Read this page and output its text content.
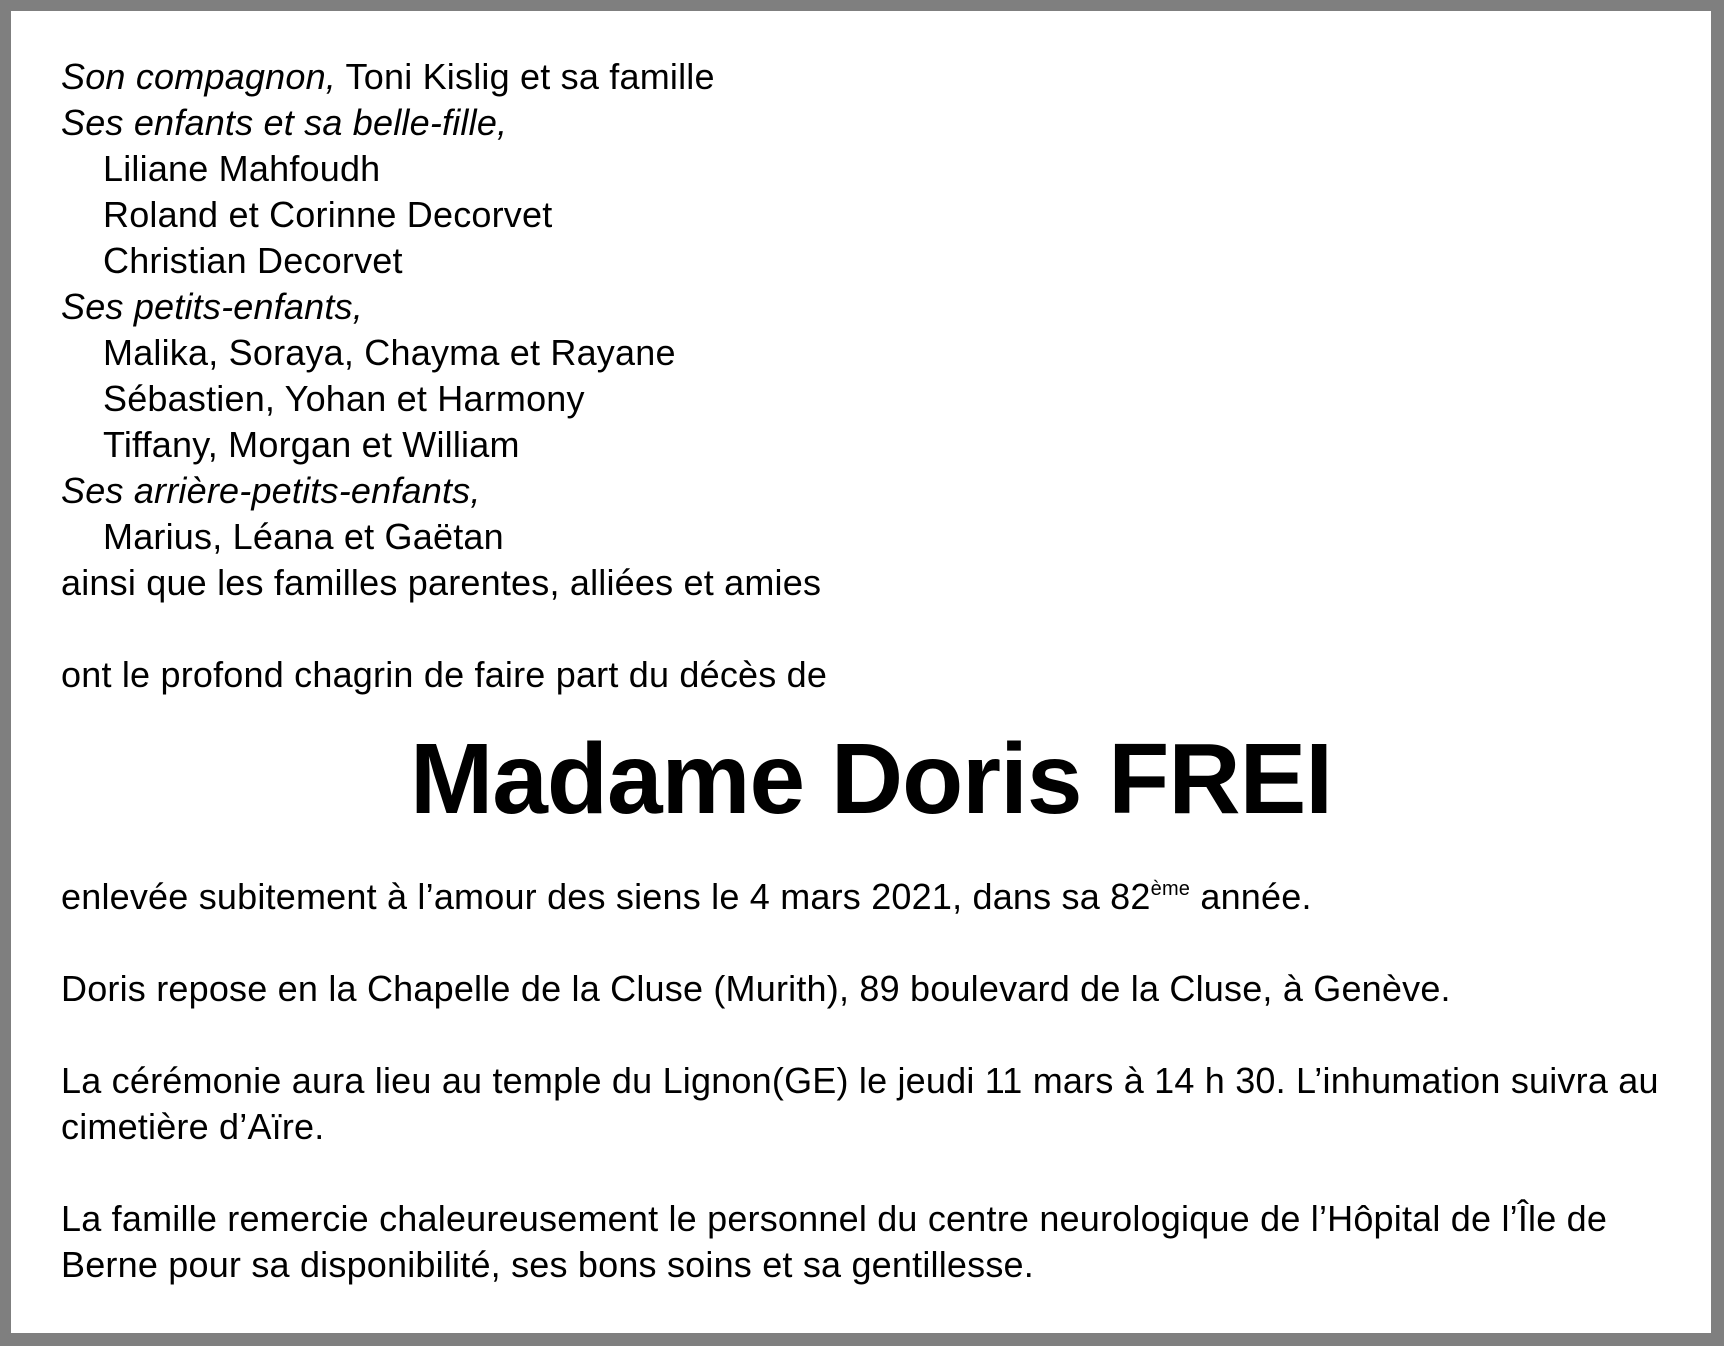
Son compagnon, Toni Kislig et sa famille
Ses enfants et sa belle-fille,
Liliane Mahfoudh
Roland et Corinne Decorvet
Christian Decorvet
Ses petits-enfants,
Malika, Soraya, Chayma et Rayane
Sébastien, Yohan et Harmony
Tiffany, Morgan et William
Ses arrière-petits-enfants,
Marius, Léana et Gaëtan
ainsi que les familles parentes, alliées et amies
ont le profond chagrin de faire part du décès de
Madame Doris FREI
enlevée subitement à l’amour des siens le 4 mars 2021, dans sa 82ème année.
Doris repose en la Chapelle de la Cluse (Murith), 89 boulevard de la Cluse, à Genève.
La cérémonie aura lieu au temple du Lignon(GE) le jeudi 11 mars à 14 h 30. L’inhumation suivra au cimetière d’Aïre.
La famille remercie chaleureusement le personnel du centre neurologique de l’Hôpital de l’Île de Berne pour sa disponibilité, ses bons soins et sa gentillesse.
